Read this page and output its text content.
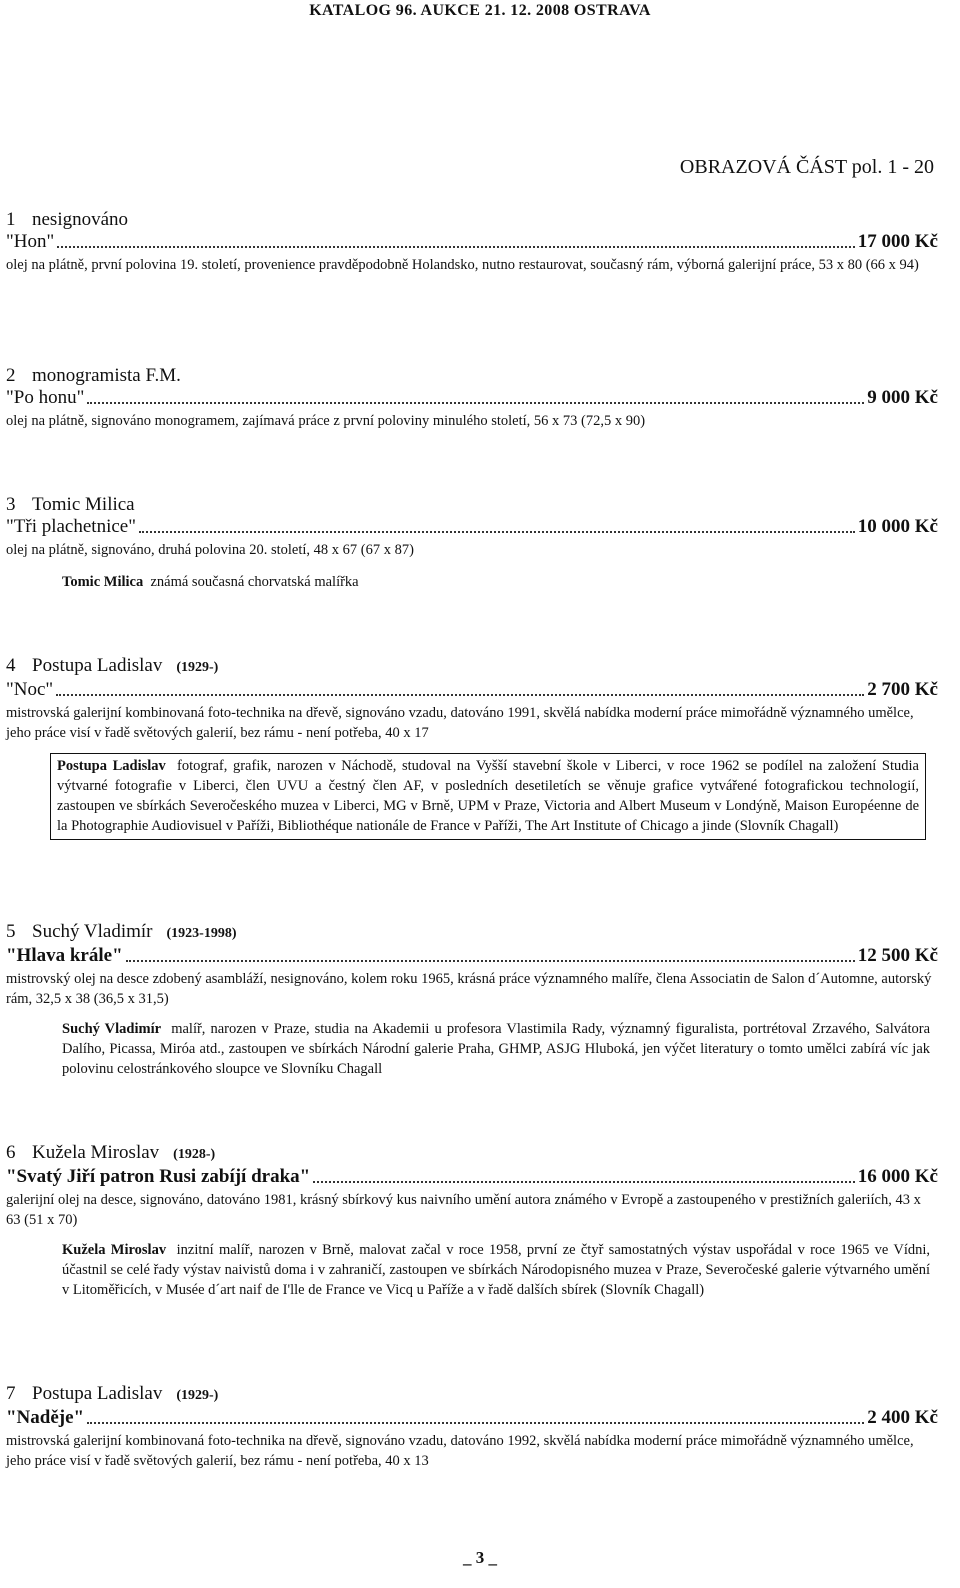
KATALOG 96. AUKCE 21. 12. 2008 OSTRAVA
OBRAZOVÁ ČÁST pol. 1 - 20
1 nesignováno
"Hon"	17 000 Kč
olej na plátně, první polovina 19. století, provenience pravděpodobně Holandsko, nutno restaurovat, současný rám, výborná galerijní práce, 53 x 80 (66 x 94)
2 monogramista F.M.
"Po honu"	9 000 Kč
olej na plátně, signováno monogramem, zajímavá práce z první poloviny minulého století, 56 x 73 (72,5 x 90)
3 Tomic Milica
"Tři plachetnice"	10 000 Kč
olej na plátně, signováno, druhá polovina 20. století, 48 x 67 (67 x 87)
Tomic Milica známá současná chorvatská malířka
4 Postupa Ladislav (1929-)
"Noc"	2 700 Kč
mistrovská galerijní kombinovaná foto-technika na dřevě, signováno vzadu, datováno 1991, skvělá nabídka moderní práce mimořádně významného umělce, jeho práce visí v řadě světových galerií, bez rámu - není potřeba, 40 x 17
Postupa Ladislav fotograf, grafik, narozen v Náchodě, studoval na Vyšší stavební škole v Liberci, v roce 1962 se podílel na založení Studia výtvarné fotografie v Liberci, člen UVU a čestný člen AF, v posledních desetiletích se věnuje grafice vytvářené fotografickou technologií, zastoupen ve sbírkách Severočeského muzea v Liberci, MG v Brně, UPM v Praze, Victoria and Albert Museum v Londýně, Maison Européenne de la Photographie Audiovisuel v Paříži, Bibliothéque nationále de France v Paříži, The Art Institute of Chicago a jinde (Slovník Chagall)
5 Suchý Vladimír (1923-1998)
"Hlava krále"	12 500 Kč
mistrovský olej na desce zdobený asambláží, nesignováno, kolem roku 1965, krásná práce významného malíře, člena Associatin de Salon d´Automne, autorský rám, 32,5 x 38 (36,5 x 31,5)
Suchý Vladimír malíř, narozen v Praze, studia na Akademii u profesora Vlastimila Rady, významný figuralista, portrétoval Zrzavého, Salvátora Dalího, Picassa, Miróa atd., zastoupen ve sbírkách Národní galerie Praha, GHMP, ASJG Hluboká, jen výčet literatury o tomto umělci zabírá víc jak polovinu celostránkového sloupce ve Slovníku Chagall
6 Kužela Miroslav (1928-)
"Svatý Jiří patron Rusi zabíjí draka"	16 000 Kč
galerijní olej na desce, signováno, datováno 1981, krásný sbírkový kus naivního umění autora známého v Evropě a zastoupeného v prestižních galeriích, 43 x 63 (51 x 70)
Kužela Miroslav inzitní malíř, narozen v Brně, malovat začal v roce 1958, první ze čtyř samostatných výstav uspořádal v roce 1965 ve Vídni, účastnil se celé řady výstav naivistů doma i v zahraničí, zastoupen ve sbírkách Národopisného muzea v Praze, Severočeské galerie výtvarného umění v Litoměřicích, v Musée d´art naif de I'lle de France ve Vicq u Paříže a v řadě dalších sbírek (Slovník Chagall)
7 Postupa Ladislav (1929-)
"Naděje"	2 400 Kč
mistrovská galerijní kombinovaná foto-technika na dřevě, signováno vzadu, datováno 1992, skvělá nabídka moderní práce mimořádně významného umělce, jeho práce visí v řadě světových galerií, bez rámu - není potřeba, 40 x 13
_ 3 _
